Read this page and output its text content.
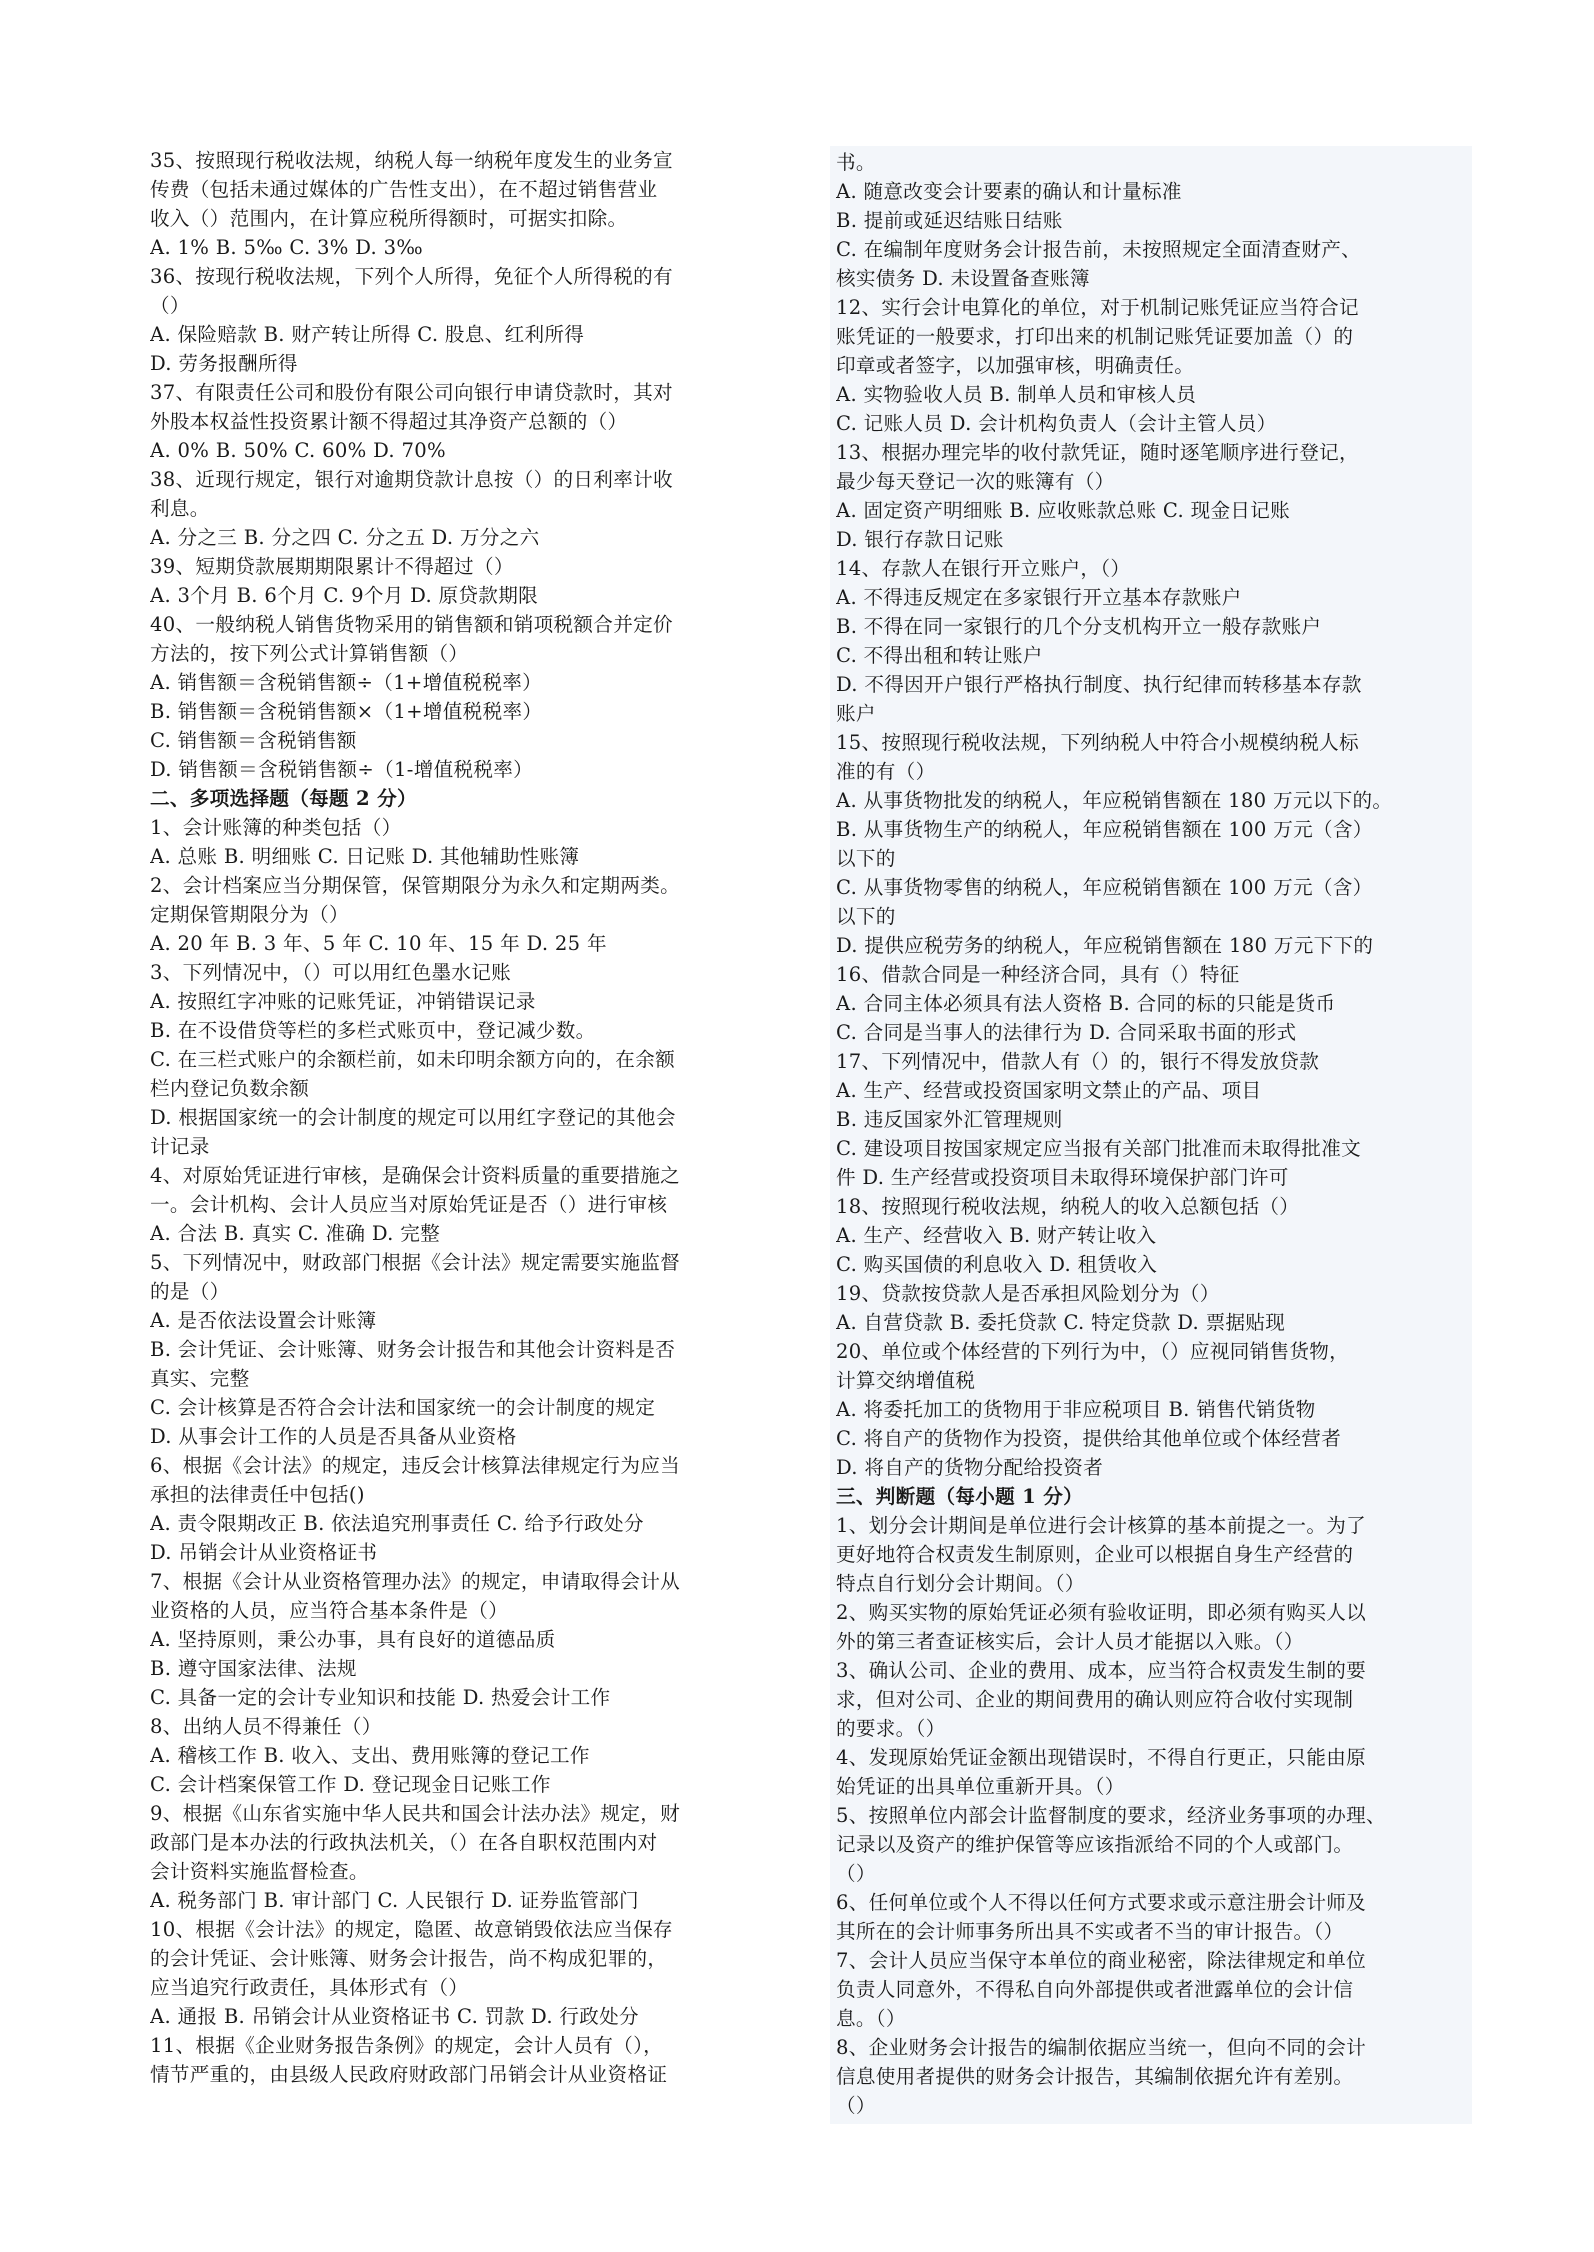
35、按照现行税收法规，纳税人每一纳税年度发生的业务宣
传费（包括未通过媒体的广告性支出），在不超过销售营业
收入（）范围内，在计算应税所得额时，可据实扣除。
A. 1% B. 5‰ C. 3% D. 3‰
36、按现行税收法规，下列个人所得，免征个人所得税的有
（）
A. 保险赔款 B. 财产转让所得 C. 股息、红利所得
D. 劳务报酬所得
37、有限责任公司和股份有限公司向银行申请贷款时，其对
外股本权益性投资累计额不得超过其净资产总额的（）
A. 0% B. 50% C. 60% D. 70%
38、近现行规定，银行对逾期贷款计息按（）的日利率计收
利息。
A. 分之三 B. 分之四 C. 分之五 D. 万分之六
39、短期贷款展期期限累计不得超过（）
A. 3个月 B. 6个月 C. 9个月 D. 原贷款期限
40、一般纳税人销售货物采用的销售额和销项税额合并定价
方法的，按下列公式计算销售额（）
A. 销售额＝含税销售额÷（1+增值税税率）
B. 销售额＝含税销售额×（1+增值税税率）
C. 销售额＝含税销售额
D. 销售额＝含税销售额÷（1-增值税税率）
二、多项选择题（每题 2 分）
1、会计账簿的种类包括（）
A. 总账 B. 明细账 C. 日记账 D. 其他辅助性账簿
2、会计档案应当分期保管，保管期限分为永久和定期两类。
定期保管期限分为（）
A. 20 年 B. 3 年、5 年 C. 10 年、15 年 D. 25 年
3、下列情况中，（）可以用红色墨水记账
A. 按照红字冲账的记账凭证，冲销错误记录
B. 在不设借贷等栏的多栏式账页中，登记减少数。
C. 在三栏式账户的余额栏前，如未印明余额方向的，在余额
栏内登记负数余额
D. 根据国家统一的会计制度的规定可以用红字登记的其他会
计记录
4、对原始凭证进行审核，是确保会计资料质量的重要措施之
一。会计机构、会计人员应当对原始凭证是否（）进行审核
A. 合法 B. 真实 C. 准确 D. 完整
5、下列情况中，财政部门根据《会计法》规定需要实施监督
的是（）
A. 是否依法设置会计账簿
B. 会计凭证、会计账簿、财务会计报告和其他会计资料是否
真实、完整
C. 会计核算是否符合会计法和国家统一的会计制度的规定
D. 从事会计工作的人员是否具备从业资格
6、根据《会计法》的规定，违反会计核算法律规定行为应当
承担的法律责任中包括()
A. 责令限期改正 B. 依法追究刑事责任 C. 给予行政处分
D. 吊销会计从业资格证书
7、根据《会计从业资格管理办法》的规定，申请取得会计从
业资格的人员，应当符合基本条件是（）
A. 坚持原则，秉公办事，具有良好的道德品质
B. 遵守国家法律、法规
C. 具备一定的会计专业知识和技能 D. 热爱会计工作
8、出纳人员不得兼任（）
A. 稽核工作 B. 收入、支出、费用账簿的登记工作
C. 会计档案保管工作 D. 登记现金日记账工作
9、根据《山东省实施中华人民共和国会计法办法》规定，财
政部门是本办法的行政执法机关，（）在各自职权范围内对
会计资料实施监督检查。
A. 税务部门 B. 审计部门 C. 人民银行 D. 证券监管部门
10、根据《会计法》的规定，隐匿、故意销毁依法应当保存
的会计凭证、会计账簿、财务会计报告，尚不构成犯罪的，
应当追究行政责任，具体形式有（）
A. 通报 B. 吊销会计从业资格证书 C. 罚款 D. 行政处分
11、根据《企业财务报告条例》的规定，会计人员有（），
情节严重的，由县级人民政府财政部门吊销会计从业资格证
书。
A. 随意改变会计要素的确认和计量标准
B. 提前或延迟结账日结账
C. 在编制年度财务会计报告前，未按照规定全面清查财产、
核实债务 D. 未设置备查账簿
12、实行会计电算化的单位，对于机制记账凭证应当符合记
账凭证的一般要求，打印出来的机制记账凭证要加盖（）的
印章或者签字，以加强审核，明确责任。
A. 实物验收人员 B. 制单人员和审核人员
C. 记账人员 D. 会计机构负责人（会计主管人员）
13、根据办理完毕的收付款凭证，随时逐笔顺序进行登记，
最少每天登记一次的账簿有（）
A. 固定资产明细账 B. 应收账款总账 C. 现金日记账
D. 银行存款日记账
14、存款人在银行开立账户，（）
A. 不得违反规定在多家银行开立基本存款账户
B. 不得在同一家银行的几个分支机构开立一般存款账户
C. 不得出租和转让账户
D. 不得因开户银行严格执行制度、执行纪律而转移基本存款
账户
15、按照现行税收法规，下列纳税人中符合小规模纳税人标
准的有（）
A. 从事货物批发的纳税人，年应税销售额在 180 万元以下的。
B. 从事货物生产的纳税人，年应税销售额在 100 万元（含）
以下的
C. 从事货物零售的纳税人，年应税销售额在 100 万元（含）
以下的
D. 提供应税劳务的纳税人，年应税销售额在 180 万元下下的
16、借款合同是一种经济合同，具有（）特征
A. 合同主体必须具有法人资格 B. 合同的标的只能是货币
C. 合同是当事人的法律行为 D. 合同采取书面的形式
17、下列情况中，借款人有（）的，银行不得发放贷款
A. 生产、经营或投资国家明文禁止的产品、项目
B. 违反国家外汇管理规则
C. 建设项目按国家规定应当报有关部门批准而未取得批准文
件 D. 生产经营或投资项目未取得环境保护部门许可
18、按照现行税收法规，纳税人的收入总额包括（）
A. 生产、经营收入 B. 财产转让收入
C. 购买国债的利息收入 D. 租赁收入
19、贷款按贷款人是否承担风险划分为（）
A. 自营贷款 B. 委托贷款 C. 特定贷款 D. 票据贴现
20、单位或个体经营的下列行为中，（）应视同销售货物，
计算交纳增值税
A. 将委托加工的货物用于非应税项目 B. 销售代销货物
C. 将自产的货物作为投资，提供给其他单位或个体经营者
D. 将自产的货物分配给投资者
三、判断题（每小题 1 分）
1、划分会计期间是单位进行会计核算的基本前提之一。为了
更好地符合权责发生制原则，企业可以根据自身生产经营的
特点自行划分会计期间。（）
2、购买实物的原始凭证必须有验收证明，即必须有购买人以
外的第三者查证核实后，会计人员才能据以入账。（）
3、确认公司、企业的费用、成本，应当符合权责发生制的要
求，但对公司、企业的期间费用的确认则应符合收付实现制
的要求。（）
4、发现原始凭证金额出现错误时，不得自行更正，只能由原
始凭证的出具单位重新开具。（）
5、按照单位内部会计监督制度的要求，经济业务事项的办理、
记录以及资产的维护保管等应该指派给不同的个人或部门。
（）
6、任何单位或个人不得以任何方式要求或示意注册会计师及
其所在的会计师事务所出具不实或者不当的审计报告。（）
7、会计人员应当保守本单位的商业秘密，除法律规定和单位
负责人同意外，不得私自向外部提供或者泄露单位的会计信
息。（）
8、企业财务会计报告的编制依据应当统一，但向不同的会计
信息使用者提供的财务会计报告，其编制依据允许有差别。
（）
